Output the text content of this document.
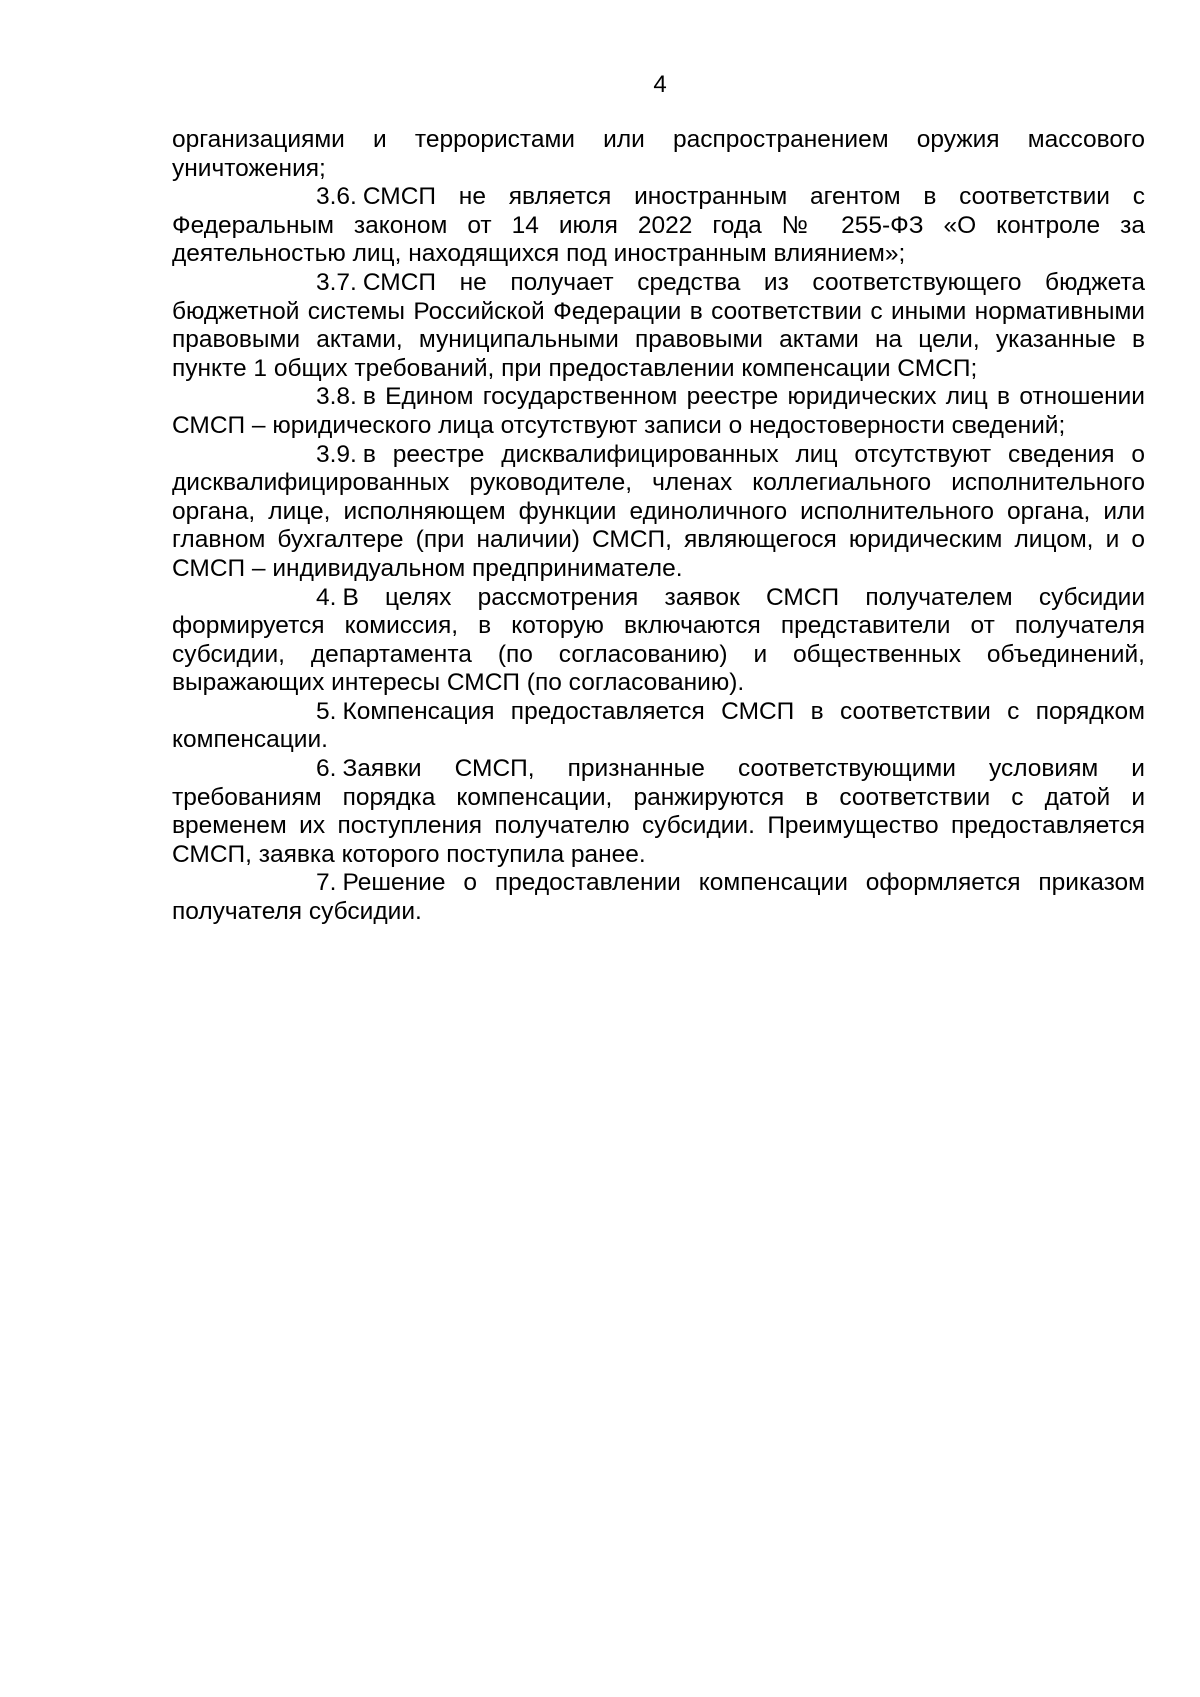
4

организациями и террористами или распространением оружия массового уничтожения;

3.6. СМСП не является иностранным агентом в соответствии с Федеральным законом от 14 июля 2022 года № 255-ФЗ «О контроле за деятельностью лиц, находящихся под иностранным влиянием»;

3.7. СМСП не получает средства из соответствующего бюджета бюджетной системы Российской Федерации в соответствии с иными нормативными правовыми актами, муниципальными правовыми актами на цели, указанные в пункте 1 общих требований, при предоставлении компенсации СМСП;

3.8. в Едином государственном реестре юридических лиц в отношении СМСП – юридического лица отсутствуют записи о недостоверности сведений;

3.9. в реестре дисквалифицированных лиц отсутствуют сведения о дисквалифицированных руководителе, членах коллегиального исполнительного органа, лице, исполняющем функции единоличного исполнительного органа, или главном бухгалтере (при наличии) СМСП, являющегося юридическим лицом, и о СМСП – индивидуальном предпринимателе.

4. В целях рассмотрения заявок СМСП получателем субсидии формируется комиссия, в которую включаются представители от получателя субсидии, департамента (по согласованию) и общественных объединений, выражающих интересы СМСП (по согласованию).

5. Компенсация предоставляется СМСП в соответствии с порядком компенсации.

6. Заявки СМСП, признанные соответствующими условиям и требованиям порядка компенсации, ранжируются в соответствии с датой и временем их поступления получателю субсидии. Преимущество предоставляется СМСП, заявка которого поступила ранее.

7. Решение о предоставлении компенсации оформляется приказом получателя субсидии.
